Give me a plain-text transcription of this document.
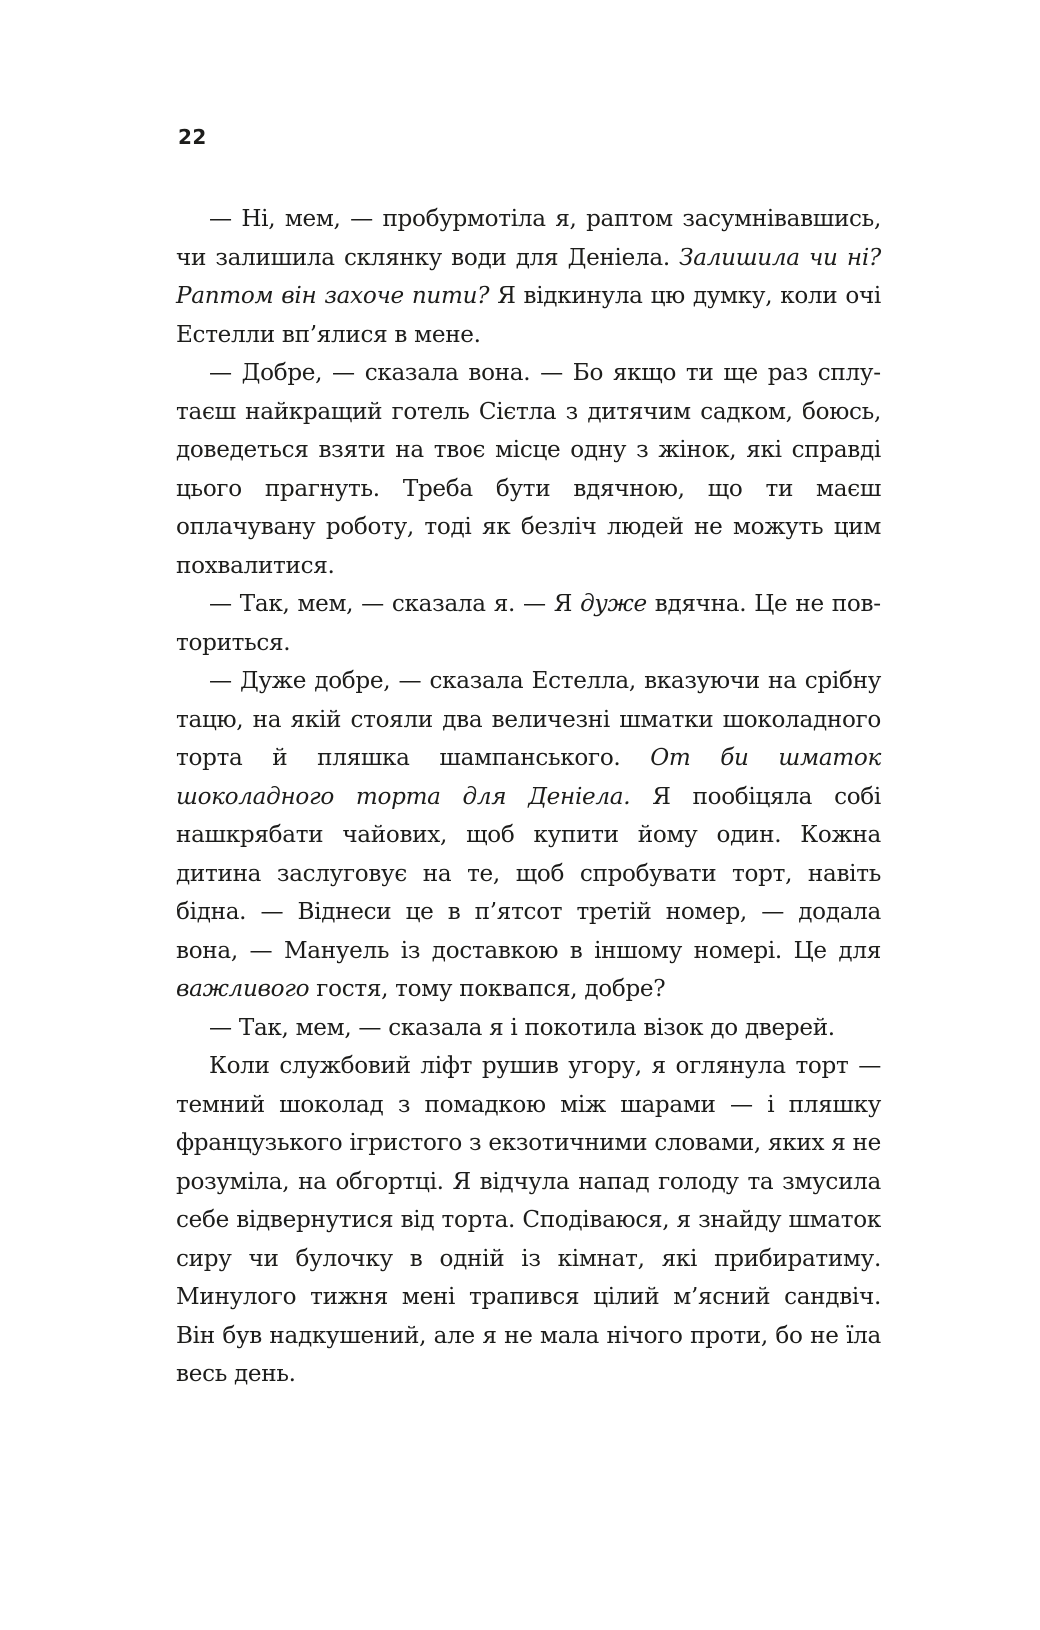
22

— Ні, мем, — пробурмотіла я, раптом засумнівавшись, чи залишила склянку води для Деніела. Залишила чи ні? Раптом він захоче пити? Я відкинула цю думку, коли очі Естелли вп’ялися в мене.

— Добре, — сказала вона. — Бо якщо ти ще раз сплутаєш найкращий готель Сієтла з дитячим садком, боюсь, доведеться взяти на твоє місце одну з жінок, які справді цього прагнуть. Треба бути вдячною, що ти маєш оплачувану роботу, тоді як безліч людей не можуть цим похвалитися.

— Так, мем, — сказала я. — Я дуже вдячна. Це не повториться.

— Дуже добре, — сказала Естелла, вказуючи на срібну тацю, на якій стояли два величезні шматки шоколадного торта й пляшка шампанського. От би шматок шоколадного торта для Деніела. Я пообіцяла собі нашкрябати чайових, щоб купити йому один. Кожна дитина заслуговує на те, щоб спробувати торт, навіть бідна. — Віднеси це в п’ятсот третій номер, — додала вона, — Мануель із доставкою в іншому номері. Це для важливого гостя, тому поквапся, добре?

— Так, мем, — сказала я і покотила візок до дверей.

Коли службовий ліфт рушив угору, я оглянула торт — темний шоколад з помадкою між шарами — і пляшку французького ігристого з екзотичними словами, яких я не розуміла, на обгортці. Я відчула напад голоду та змусила себе відвернутися від торта. Сподіваюся, я знайду шматок сиру чи булочку в одній із кімнат, які прибиратиму. Минулого тижня мені трапився цілий м’ясний сандвіч. Він був надкушений, але я не мала нічого проти, бо не їла весь день.
